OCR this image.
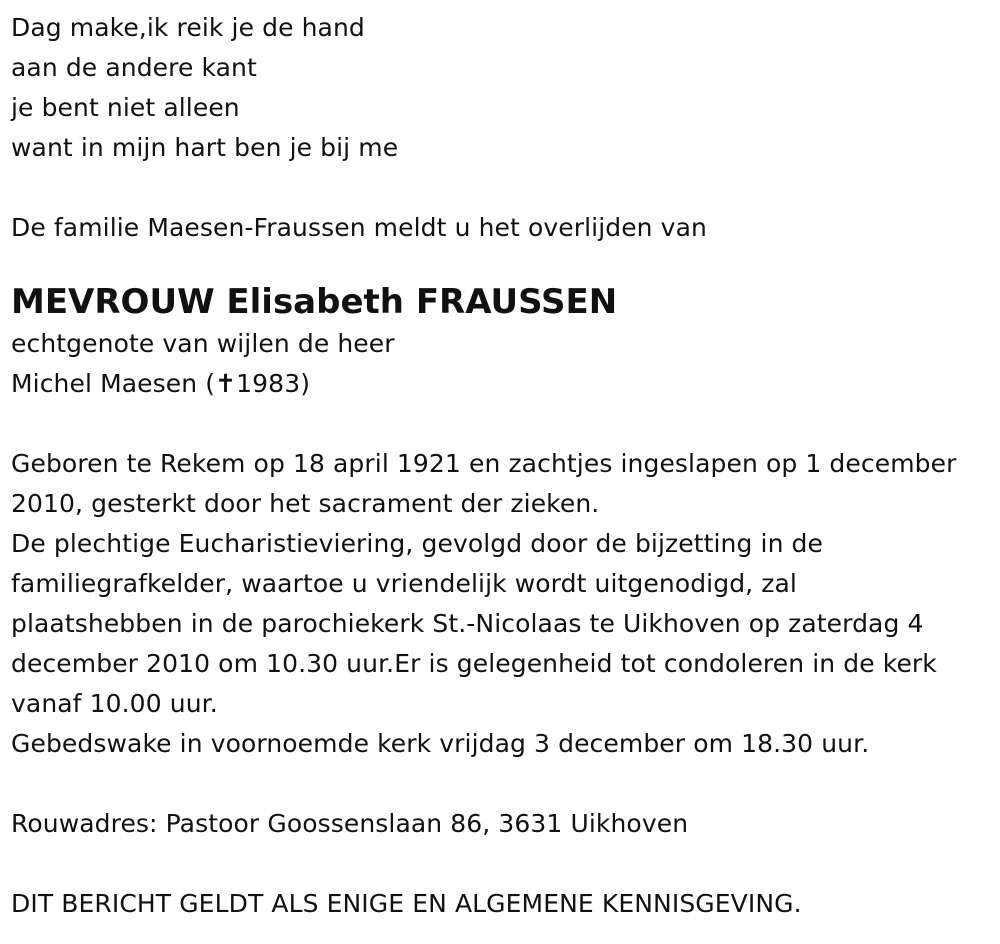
Dag make,ik reik je de hand
aan de andere kant
je bent niet alleen
want in mijn hart ben je bij me
De familie Maesen-Fraussen meldt u het overlijden van
MEVROUW Elisabeth FRAUSSEN
echtgenote van wijlen de heer
Michel Maesen (✝1983)
Geboren te Rekem op 18 april 1921 en zachtjes ingeslapen op 1 december
2010, gesterkt door het sacrament der zieken.
De plechtige Eucharistieviering, gevolgd door de bijzetting in de
familiegrafkelder, waartoe u vriendelijk wordt uitgenodigd, zal
plaatshebben in de parochiekerk St.-Nicolaas te Uikhoven op zaterdag 4
december 2010 om 10.30 uur.Er is gelegenheid tot condoleren in de kerk
vanaf 10.00 uur.
Gebedswake in voornoemde kerk vrijdag 3 december om 18.30 uur.
Rouwadres: Pastoor Goossenslaan 86, 3631 Uikhoven
DIT BERICHT GELDT ALS ENIGE EN ALGEMENE KENNISGEVING.
